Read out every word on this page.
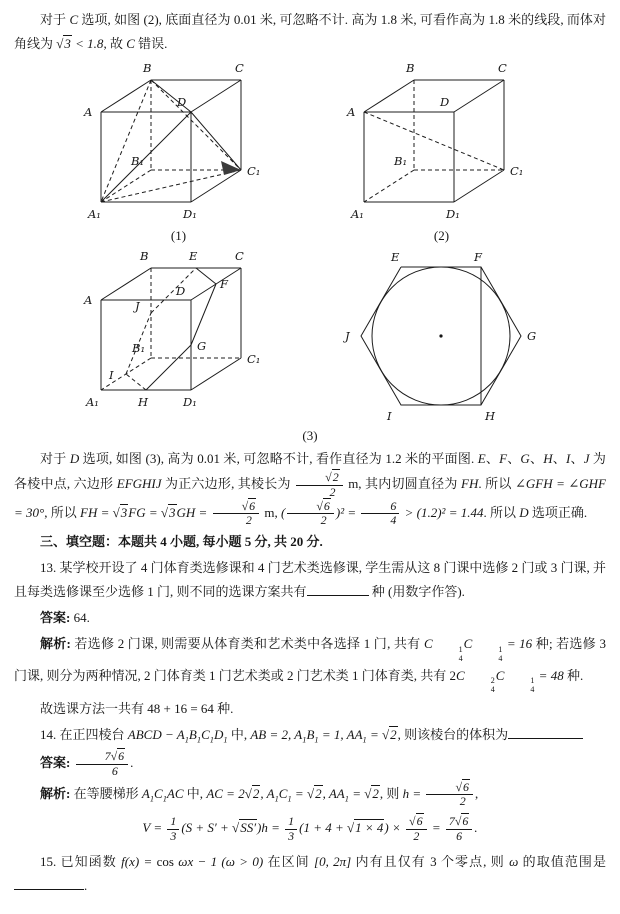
对于 C 选项, 如图 (2), 底面直径为 0.01 米, 可忽略不计. 高为 1.8 米, 可看作高为 1.8 米的线段, 而体对角线为 √3 < 1.8, 故 C 错误.

A
B	C
D
A₁
B₁
C₁
D₁
(1)
A
B	C
D
A₁
B₁
C₁
D₁
(2)
A
B	C
D
A₁
B₁
C₁
D₁
E
F
G
H
I
J
E	F
G
H
I
J

(3)

对于 D 选项, 如图 (3), 高为 0.01 米, 可忽略不计, 看作直径为 1.2 米的平面图. E、F、G、H、I、J 为各棱中点, 六边形 EFGHIJ 为正六边形, 其棱长为 $\frac{√2}{2} m$, 其内切圆直径为 FH. 所以 ∠GFH = ∠GHF = 30°, 所以 FH = $√3FG = √3GH = \frac{√6}{2} m$, ( $\frac{√6}{2} )^2 = \frac{6}{4} > (1.2)^2 = 1.44$. 所以 D 选项正确.

三、填空题：本题共 4 小题, 每小题 5 分, 共 20 分.

13. 某学校开设了 4 门体育类选修课和 4 门艺术类选修课, 学生需从这 8 门课中选修 2 门或 3 门课, 并且每类选修课至少选修 1 门, 则不同的选课方案共有	种 (用数字作答).

答案: 64.

解析: 若选修 2 门课, 则需要从体育类和艺术类中各选择 1 门, 共有 C	1
4
C	1
4
= 16 种; 若选修 3 门课, 则分为两种情况, 2 门体育类 1 门艺术类或 2 门艺术类 1 门体育类, 共有 2C	2
4
C	1
4
= 48 种.

故选课方法一共有 48 + 16 = 64 种.

14. 在正四棱台 ABCD − $A_1B_1C_1D_1$ 中, AB = 2, $A_1B_1 = 1$, $AA_1 = √2$, 则该棱台的体积为

答案: $\frac{7√6}{6}$ .

解析: 在等腰梯形 $A_1C_1AC$ 中, AC = 2√2, $A_1C_1 = √2$, $AA_1 = √2$, 则 $h = \frac{√6}{2}$ ,

$V = \frac{1}{3} (S + S' + √SS')h = \frac{1}{3} (1 + 4 + √1 \times 4) \times \frac{√6}{2} = \frac{7√6}{6}$ .

15. 已知函数 f(x) = cos ωx − 1 (ω > 0) 在区间 [0, 2π] 内有且仅有 3 个零点, 则 ω 的取值范围是.
